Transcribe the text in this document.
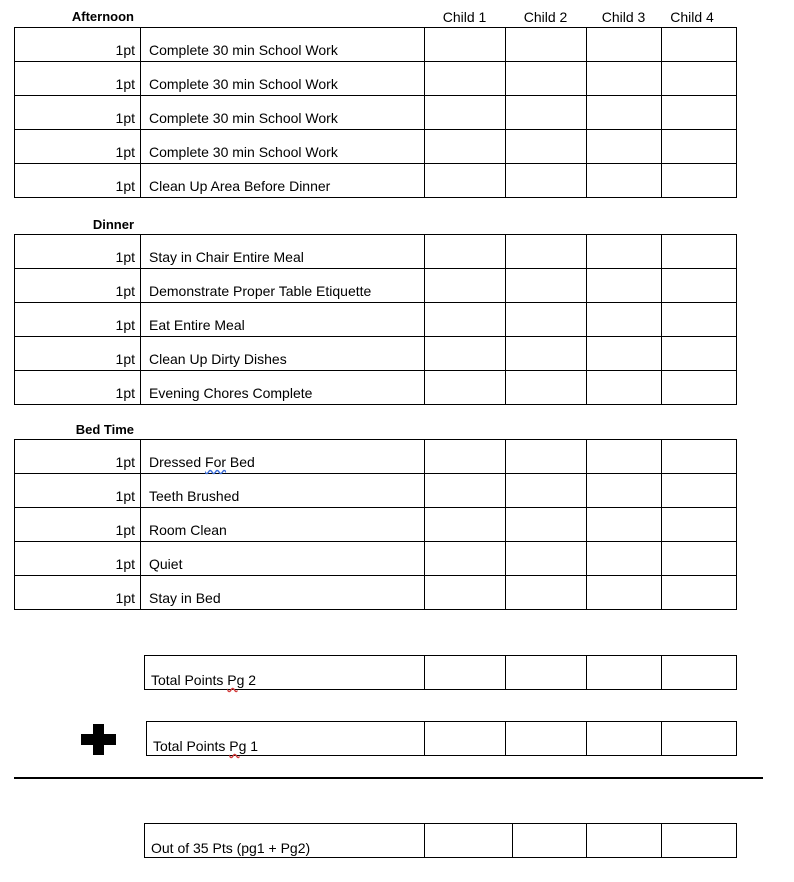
Afternoon	Child 1	Child 2	Child 3	Child 4
1pt	Complete 30 min School Work				
1pt	Complete 30 min School Work				
1pt	Complete 30 min School Work				
1pt	Complete 30 min School Work				
1pt	Clean Up Area Before Dinner				
Dinner
1pt	Stay in Chair Entire Meal				
1pt	Demonstrate Proper Table Etiquette				
1pt	Eat Entire Meal				
1pt	Clean Up Dirty Dishes				
1pt	Evening Chores Complete				
Bed Time
1pt	Dressed For Bed				
1pt	Teeth Brushed				
1pt	Room Clean				
1pt	Quiet				
1pt	Stay in Bed				
Total Points Pg 2				
Total Points Pg 1				
Out of 35 Pts (pg1 + Pg2)				
